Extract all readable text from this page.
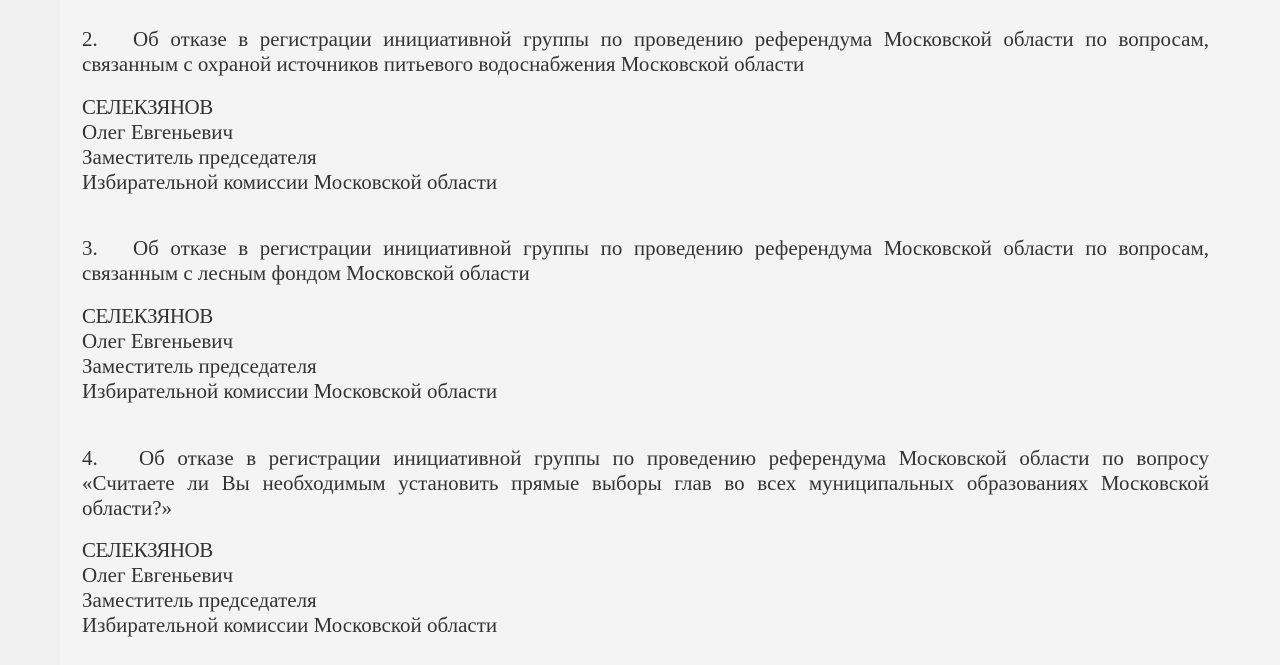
2. Об отказе в регистрации инициативной группы по проведению референдума Московской области по вопросам, связанным с охраной источников питьевого водоснабжения Московской области

СЕЛЕКЗЯНОВ
Олег Евгеньевич
Заместитель председателя
Избирательной комиссии Московской области

3. Об отказе в регистрации инициативной группы по проведению референдума Московской области по вопросам, связанным с лесным фондом Московской области

СЕЛЕКЗЯНОВ
Олег Евгеньевич
Заместитель председателя
Избирательной комиссии Московской области

4. Об отказе в регистрации инициативной группы по проведению референдума Московской области по вопросу «Считаете ли Вы необходимым установить прямые выборы глав во всех муниципальных образованиях Московской области?»

СЕЛЕКЗЯНОВ
Олег Евгеньевич
Заместитель председателя
Избирательной комиссии Московской области
